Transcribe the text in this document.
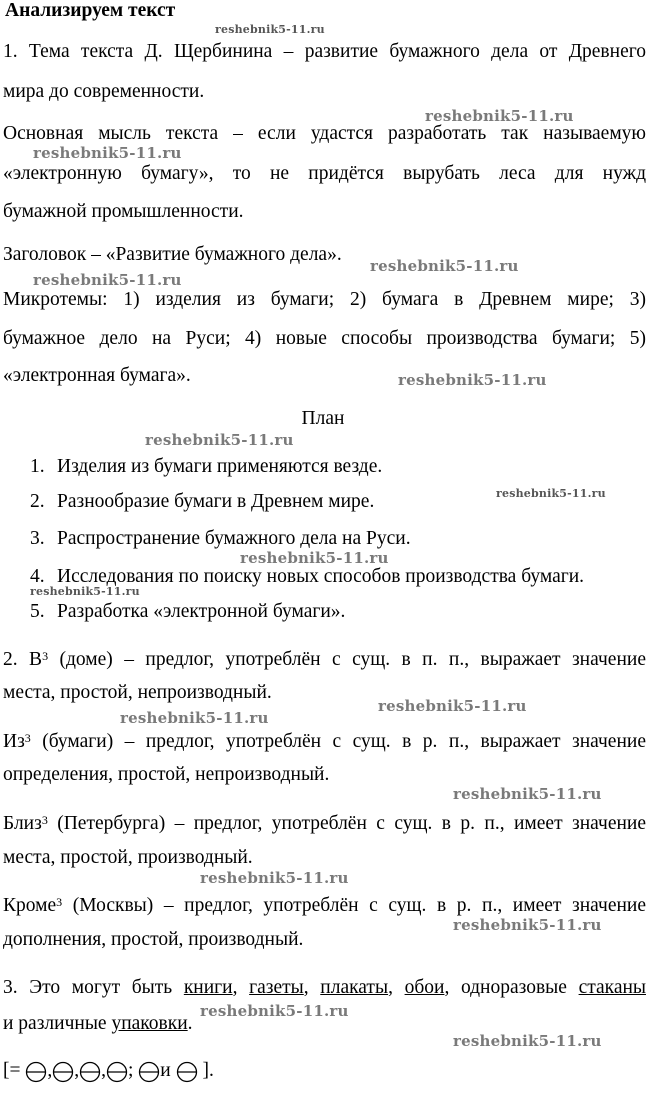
Анализируем текст
1. Тема текста Д. Щербинина – развитие бумажного дела от Древнего
мира до современности.
Основная мысль текста – если удастся разработать так называемую
«электронную бумагу», то не придётся вырубать леса для нужд
бумажной промышленности.
Заголовок – «Развитие бумажного дела».
Микротемы: 1) изделия из бумаги; 2) бумага в Древнем мире; 3)
бумажное дело на Руси; 4) новые способы производства бумаги; 5)
«электронная бумага».
План
1. Изделия из бумаги применяются везде.
2. Разнообразие бумаги в Древнем мире.
3. Распространение бумажного дела на Руси.
4. Исследования по поиску новых способов производства бумаги.
5. Разработка «электронной бумаги».
2. $В^3$ (доме) – предлог, употреблён с сущ. в п. п., выражает значение
места, простой, непроизводный.
$Из^3$ (бумаги) – предлог, употреблён с сущ. в р. п., выражает значение
определения, простой, непроизводный.
Близ$^3$ (Петербурга) – предлог, употреблён с сущ. в р. п., имеет значение
места, простой, производный.
Кроме$^3$ (Москвы) – предлог, употреблён с сущ. в р. п., имеет значение
дополнения, простой, производный.
3. Это могут быть книги, газеты, плакаты, обои, одноразовые стаканы
и различные упаковки.
[= , , , ; и  ].
reshebnik5-11.ru
reshebnik5-11.ru
reshebnik5-11.ru
reshebnik5-11.ru
reshebnik5-11.ru
reshebnik5-11.ru
reshebnik5-11.ru
reshebnik5-11.ru
reshebnik5-11.ru
reshebnik5-11.ru
reshebnik5-11.ru
reshebnik5-11.ru
reshebnik5-11.ru
reshebnik5-11.ru
reshebnik5-11.ru
reshebnik5-11.ru
reshebnik5-11.ru
